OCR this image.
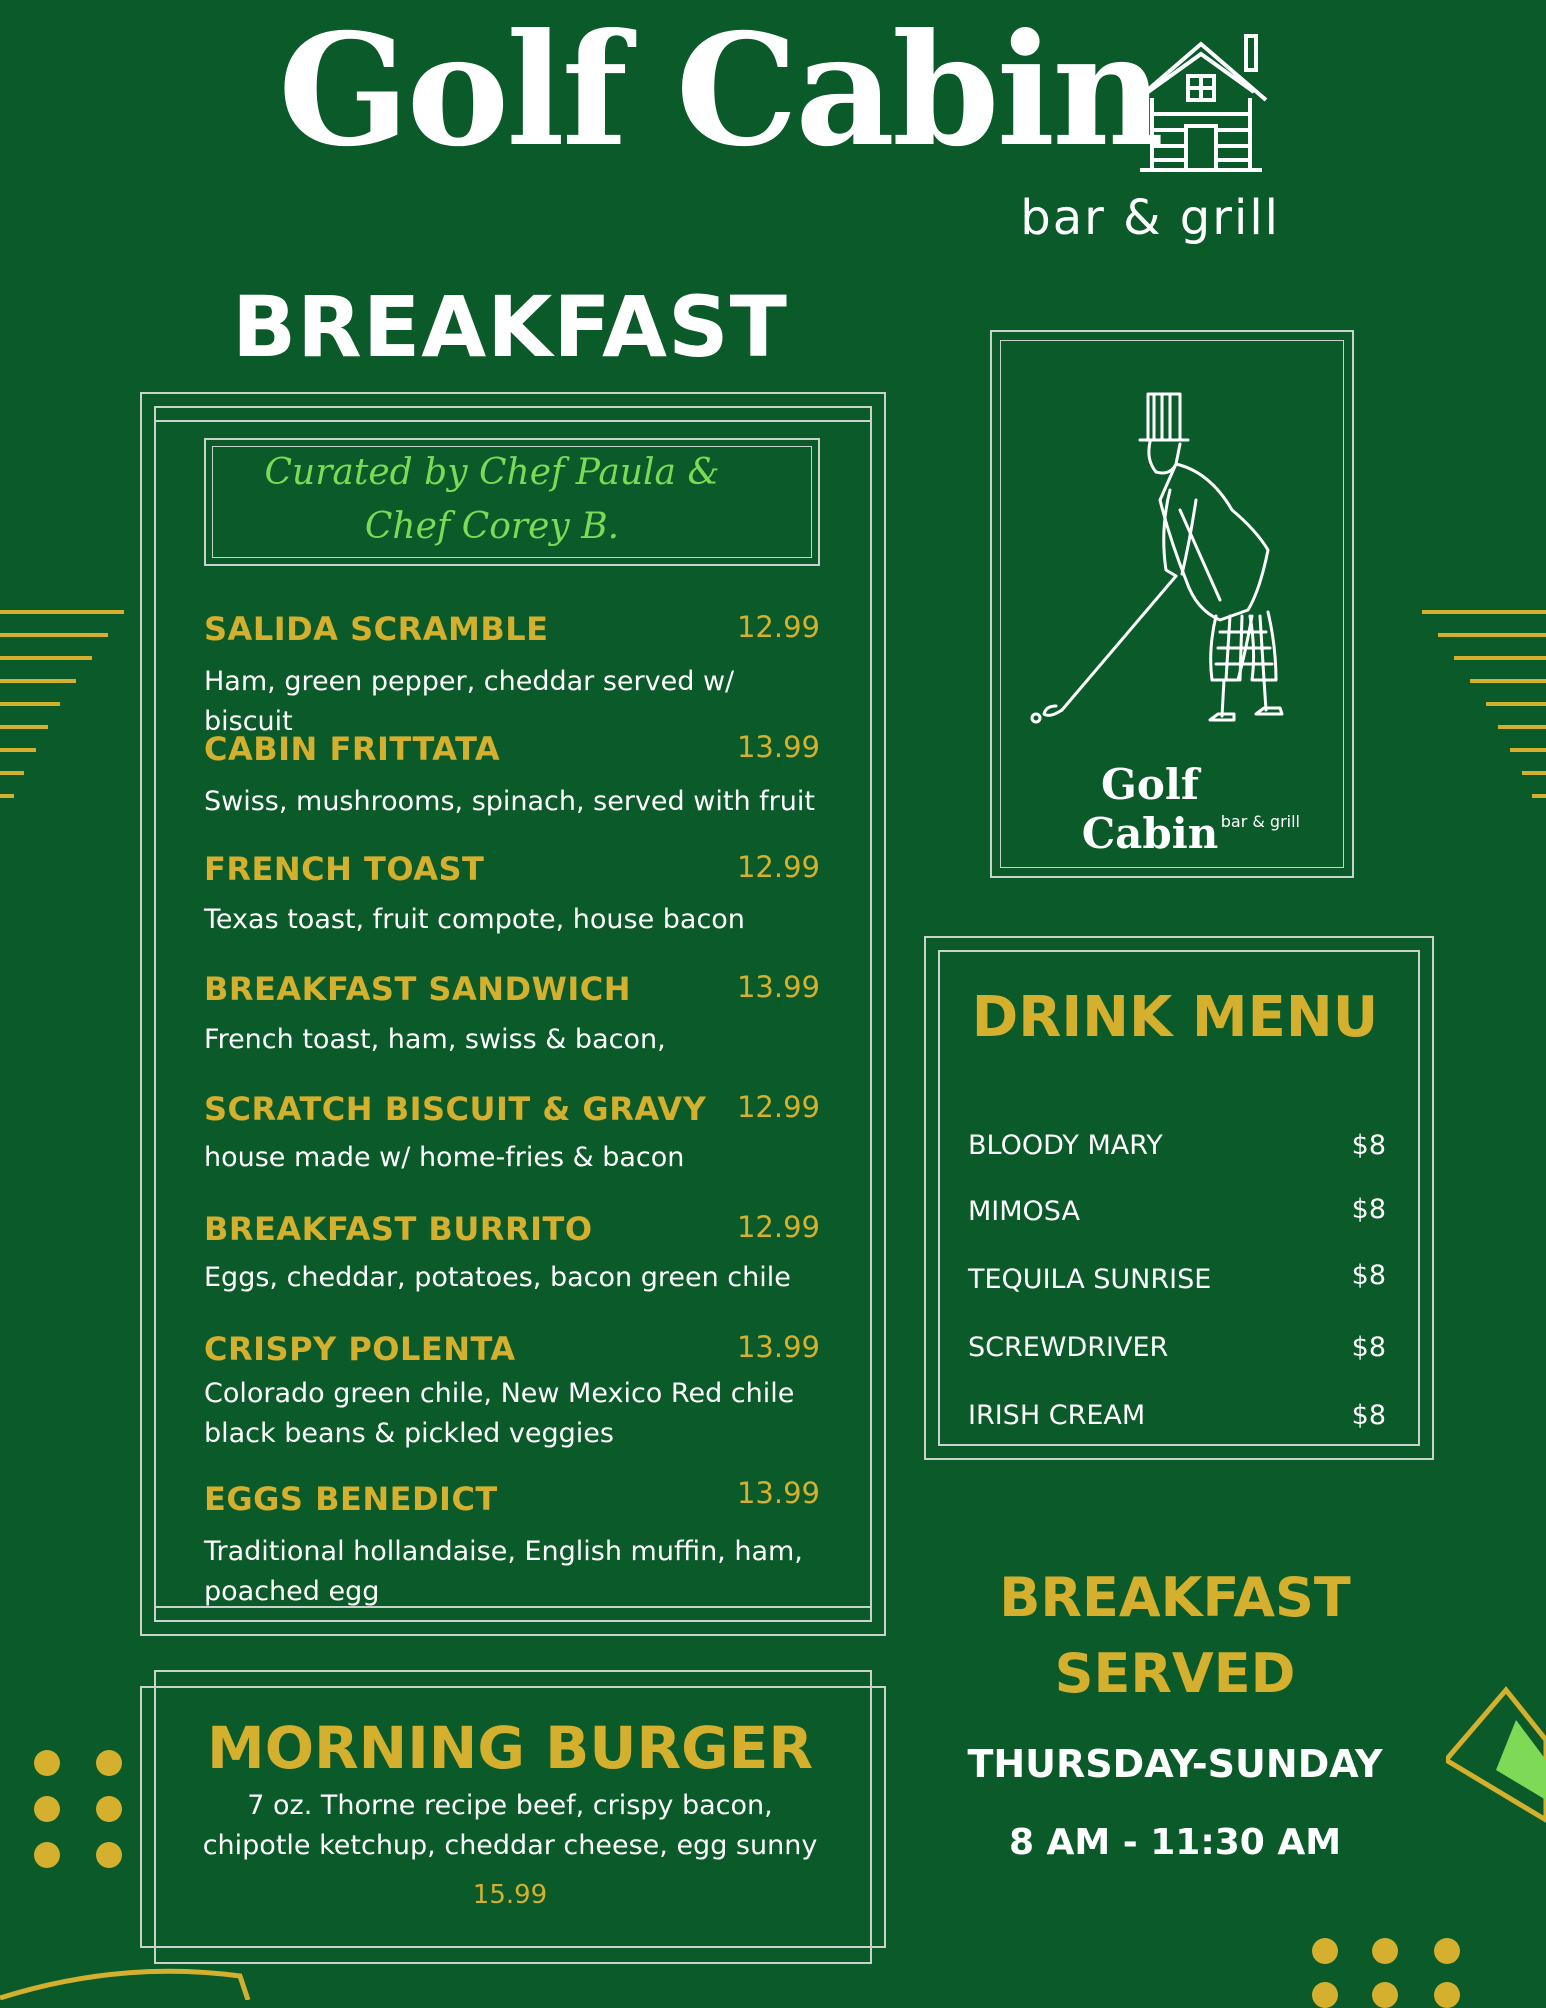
Golf Cabin
bar & grill
BREAKFAST
Curated by Chef Paula &
Chef Corey B.
SALIDA SCRAMBLE	12.99
Ham, green pepper, cheddar served w/ biscuit
CABIN FRITTATA	13.99
Swiss, mushrooms, spinach, served with fruit
FRENCH TOAST	12.99
Texas toast, fruit compote, house bacon
BREAKFAST SANDWICH	13.99
French toast, ham, swiss & bacon,
SCRATCH BISCUIT & GRAVY	12.99
house made w/ home-fries & bacon
BREAKFAST BURRITO	12.99
Eggs, cheddar, potatoes, bacon green chile
CRISPY POLENTA	13.99
Colorado green chile, New Mexico Red chile
black beans & pickled veggies
EGGS BENEDICT	13.99
Traditional hollandaise, English muffin, ham,
poached egg
Golf Cabin bar & grill
DRINK MENU
BLOODY MARY	$8
MIMOSA	$8
TEQUILA SUNRISE	$8
SCREWDRIVER	$8
IRISH CREAM	$8
BREAKFAST
SERVED
THURSDAY-SUNDAY
8 AM - 11:30 AM
MORNING BURGER
7 oz. Thorne recipe beef, crispy bacon,
chipotle ketchup, cheddar cheese, egg sunny
15.99
